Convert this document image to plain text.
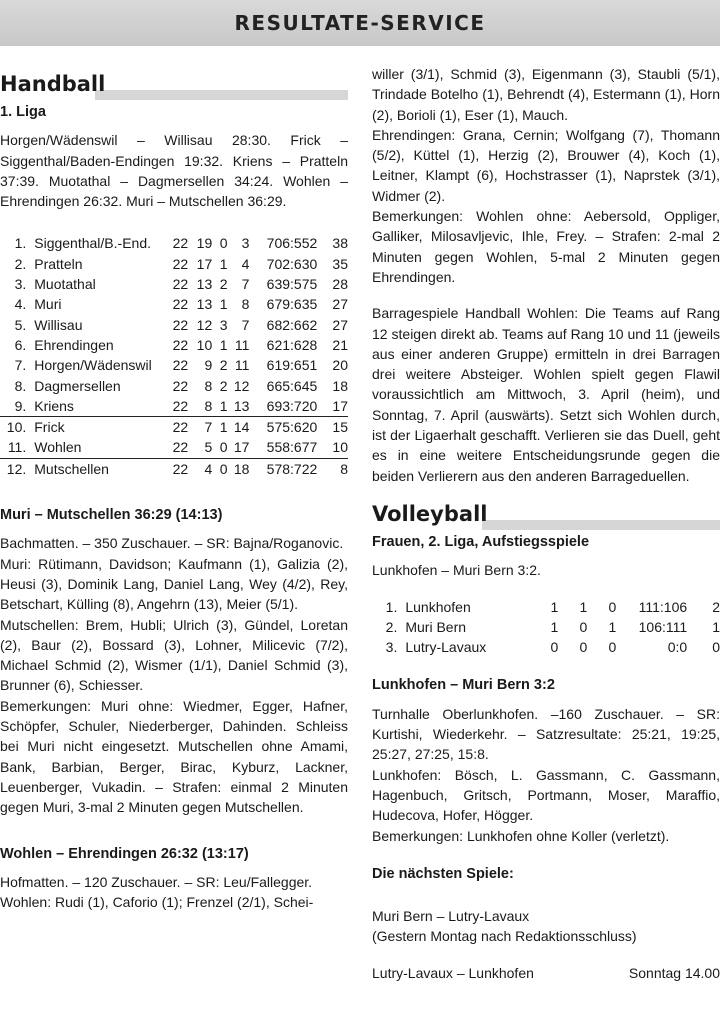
RESULTATE-SERVICE
Handball
1. Liga

Horgen/Wädenswil – Willisau 28:30. Frick – Siggenthal/Baden-Endingen 19:32. Kriens – Pratteln 37:39. Muotathal – Dagmersellen 34:24. Wohlen – Ehrendingen 26:32. Muri – Mutschellen 36:29.

1.	Siggenthal/B.-End.	22	19	0	3	706:552	38
2.	Pratteln	22	17	1	4	702:630	35
3.	Muotathal	22	13	2	7	639:575	28
4.	Muri	22	13	1	8	679:635	27
5.	Willisau	22	12	3	7	682:662	27
6.	Ehrendingen	22	10	1	11	621:628	21
7.	Horgen/Wädenswil	22	9	2	11	619:651	20
8.	Dagmersellen	22	8	2	12	665:645	18
9.	Kriens	22	8	1	13	693:720	17
10.	Frick	22	7	1	14	575:620	15
11.	Wohlen	22	5	0	17	558:677	10
12.	Mutschellen	22	4	0	18	578:722	8
Muri – Mutschellen 36:29 (14:13)

Bachmatten. – 350 Zuschauer. – SR: Bajna/Roganovic.

Muri: Rütimann, Davidson; Kaufmann (1), Galizia (2), Heusi (3), Dominik Lang, Daniel Lang, Wey (4/2), Rey, Betschart, Külling (8), Angehrn (13), Meier (5/1).

Mutschellen: Brem, Hubli; Ulrich (3), Gündel, Loretan (2), Baur (2), Bossard (3), Lohner, Milicevic (7/2), Michael Schmid (2), Wismer (1/1), Daniel Schmid (3), Brunner (6), Schiesser.

Bemerkungen: Muri ohne: Wiedmer, Egger, Hafner, Schöpfer, Schuler, Niederberger, Dahinden. Schleiss bei Muri nicht eingesetzt. Mutschellen ohne Amami, Bank, Barbian, Berger, Birac, Kyburz, Lackner, Leuenberger, Vukadin. – Strafen: einmal 2 Minuten gegen Muri, 3-mal 2 Minuten gegen Mutschellen.

Wohlen – Ehrendingen 26:32 (13:17)

Hofmatten. – 120 Zuschauer. – SR: Leu/Fallegger.

Wohlen: Rudi (1), Caforio (1); Frenzel (2/1), Schei-

willer (3/1), Schmid (3), Eigenmann (3), Staubli (5/1), Trindade Botelho (1), Behrendt (4), Estermann (1), Horn (2), Borioli (1), Eser (1), Mauch.

Ehrendingen: Grana, Cernin; Wolfgang (7), Thomann (5/2), Küttel (1), Herzig (2), Brouwer (4), Koch (1), Leitner, Klampt (6), Hochstrasser (1), Naprstek (3/1), Widmer (2).

Bemerkungen: Wohlen ohne: Aebersold, Oppliger, Galliker, Milosavljevic, Ihle, Frey. – Strafen: 2-mal 2 Minuten gegen Wohlen, 5-mal 2 Minuten gegen Ehrendingen.

Barragespiele Handball Wohlen: Die Teams auf Rang 12 steigen direkt ab. Teams auf Rang 10 und 11 (jeweils aus einer anderen Gruppe) ermitteln in drei Barragen drei weitere Absteiger. Wohlen spielt gegen Flawil voraussichtlich am Mittwoch, 3. April (heim), und Sonntag, 7. April (auswärts). Setzt sich Wohlen durch, ist der Ligaerhalt geschafft. Verlieren sie das Duell, geht es in eine weitere Entscheidungsrunde gegen die beiden Verlierern aus den anderen Barrageduellen.

Volleyball
Frauen, 2. Liga, Aufstiegsspiele

Lunkhofen – Muri Bern 3:2.

1.	Lunkhofen	1	1	0	111:106	2
2.	Muri Bern	1	0	1	106:111	1
3.	Lutry-Lavaux	0	0	0	0:0	0
Lunkhofen – Muri Bern 3:2

Turnhalle Oberlunkhofen. –160 Zuschauer. – SR: Kurtishi, Wiederkehr. – Satzresultate: 25:21, 19:25, 25:27, 27:25, 15:8.

Lunkhofen: Bösch, L. Gassmann, C. Gassmann, Hagenbuch, Gritsch, Portmann, Moser, Maraffio, Hudecova, Hofer, Högger.

Bemerkungen: Lunkhofen ohne Koller (verletzt).

Die nächsten Spiele:

Muri Bern – Lutry-Lavaux

(Gestern Montag nach Redaktionsschluss)

Lutry-Lavaux – Lunkhofen	Sonntag 14.00
